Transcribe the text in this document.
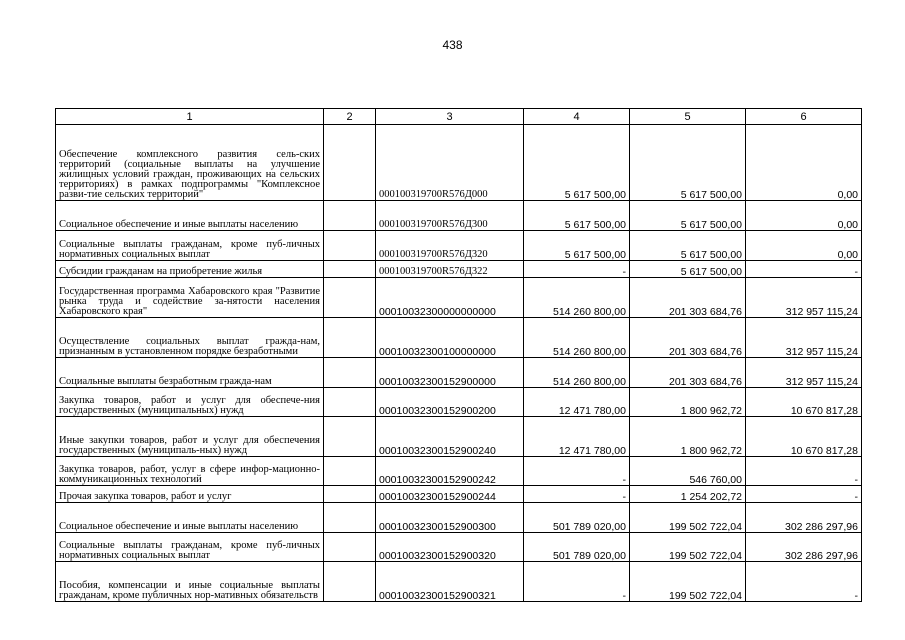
438
1	2	3	4	5	6
Обеспечение комплексного развития сель-ских территорий (социальные выплаты на улучшение жилищных условий граждан, проживающих на сельских территориях) в рамках подпрограммы "Комплексное разви-тие сельских территорий"		000100319700R576Д000	5 617 500,00	5 617 500,00	0,00
Социальное обеспечение и иные выплаты населению		000100319700R576Д300	5 617 500,00	5 617 500,00	0,00
Социальные выплаты гражданам, кроме пуб-личных нормативных социальных выплат		000100319700R576Д320	5 617 500,00	5 617 500,00	0,00
Субсидии гражданам на приобретение жилья		000100319700R576Д322	-	5 617 500,00	-
Государственная программа Хабаровского края "Развитие рынка труда и содействие за-нятости населения Хабаровского края"		00010032300000000000	514 260 800,00	201 303 684,76	312 957 115,24
Осуществление социальных выплат гражда-нам, признанным в установленном порядке безработными		00010032300100000000	514 260 800,00	201 303 684,76	312 957 115,24
Социальные выплаты безработным гражда-нам		00010032300152900000	514 260 800,00	201 303 684,76	312 957 115,24
Закупка товаров, работ и услуг для обеспече-ния государственных (муниципальных) нужд		00010032300152900200	12 471 780,00	1 800 962,72	10 670 817,28
Иные закупки товаров, работ и услуг для обеспечения государственных (муниципаль-ных) нужд		00010032300152900240	12 471 780,00	1 800 962,72	10 670 817,28
Закупка товаров, работ, услуг в сфере инфор-мационно-коммуникационных технологий		00010032300152900242	-	546 760,00	-
Прочая закупка товаров, работ и услуг		00010032300152900244	-	1 254 202,72	-
Социальное обеспечение и иные выплаты населению		00010032300152900300	501 789 020,00	199 502 722,04	302 286 297,96
Социальные выплаты гражданам, кроме пуб-личных нормативных социальных выплат		00010032300152900320	501 789 020,00	199 502 722,04	302 286 297,96
Пособия, компенсации и иные социальные выплаты гражданам, кроме публичных нор-мативных обязательств		00010032300152900321	-	199 502 722,04	-
